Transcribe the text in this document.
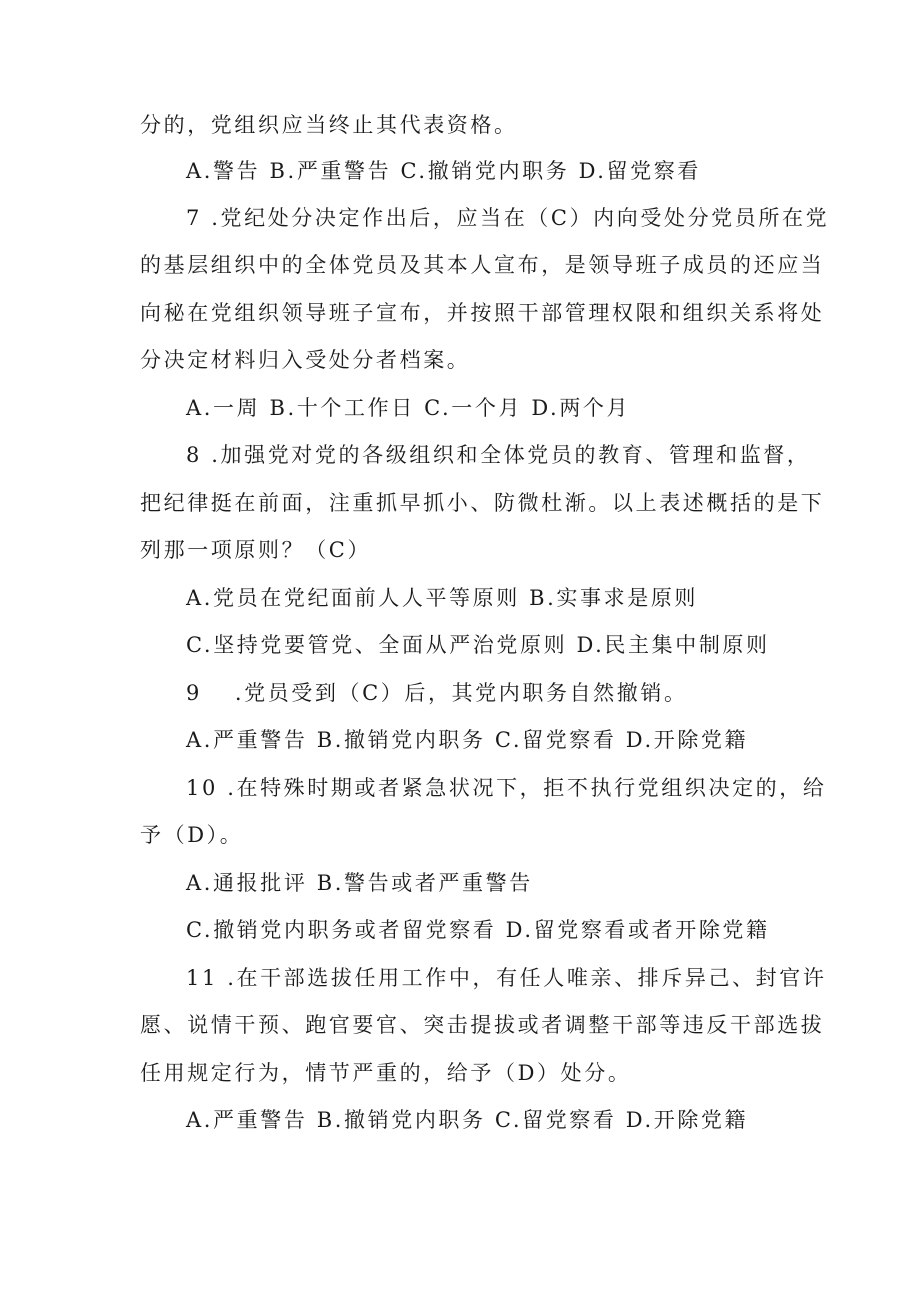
分的，党组织应当终止其代表资格。
A.警告 B.严重警告 C.撤销党内职务 D.留党察看
7 .党纪处分决定作出后，应当在（C）内向受处分党员所在党
的基层组织中的全体党员及其本人宣布，是领导班子成员的还应当
向秘在党组织领导班子宣布，并按照干部管理权限和组织关系将处
分决定材料归入受处分者档案。
A.一周 B.十个工作日 C.一个月 D.两个月
8 .加强党对党的各级组织和全体党员的教育、管理和监督，
把纪律挺在前面，注重抓早抓小、防微杜渐。以上表述概括的是下
列那一项原则？（C）
A.党员在党纪面前人人平等原则 B.实事求是原则
C.坚持党要管党、全面从严治党原则 D.民主集中制原则
9 　.党员受到（C）后，其党内职务自然撤销。
A.严重警告 B.撤销党内职务 C.留党察看 D.开除党籍
10 .在特殊时期或者紧急状况下，拒不执行党组织决定的，给
予（D）。
A.通报批评 B.警告或者严重警告
C.撤销党内职务或者留党察看 D.留党察看或者开除党籍
11 .在干部选拔任用工作中，有任人唯亲、排斥异己、封官许
愿、说情干预、跑官要官、突击提拔或者调整干部等违反干部选拔
任用规定行为，情节严重的，给予（D）处分。
A.严重警告 B.撤销党内职务 C.留党察看 D.开除党籍
